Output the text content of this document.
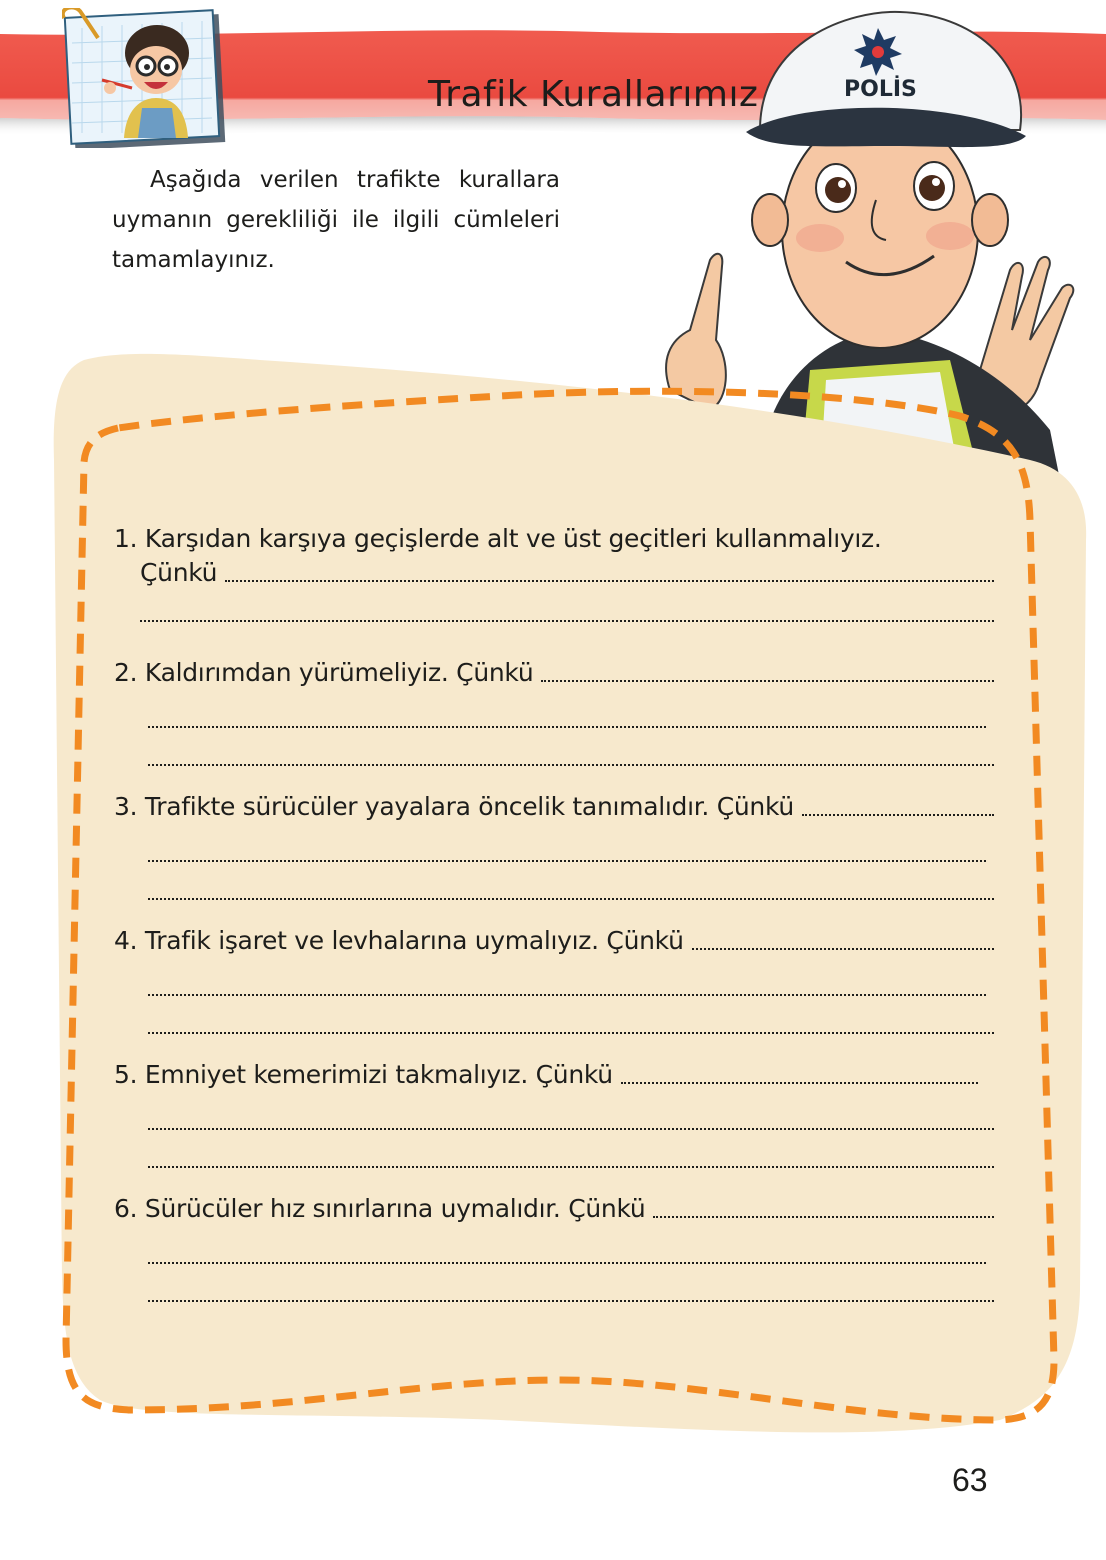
Trafik Kurallarımız
Aşağıda verilen trafikte kurallara uymanın gerekliliği ile ilgili cümleleri tamamlayınız.
POLİS
1.
Karşıdan karşıya geçişlerde alt ve üst geçitleri kullanmalıyız.
Çünkü
2.
Kaldırımdan yürümeliyiz. Çünkü
3.
Trafikte sürücüler yayalara öncelik tanımalıdır. Çünkü
4.
Trafik işaret ve levhalarına uymalıyız. Çünkü
5.
Emniyet kemerimizi takmalıyız. Çünkü
6.
Sürücüler hız sınırlarına uymalıdır. Çünkü
63
